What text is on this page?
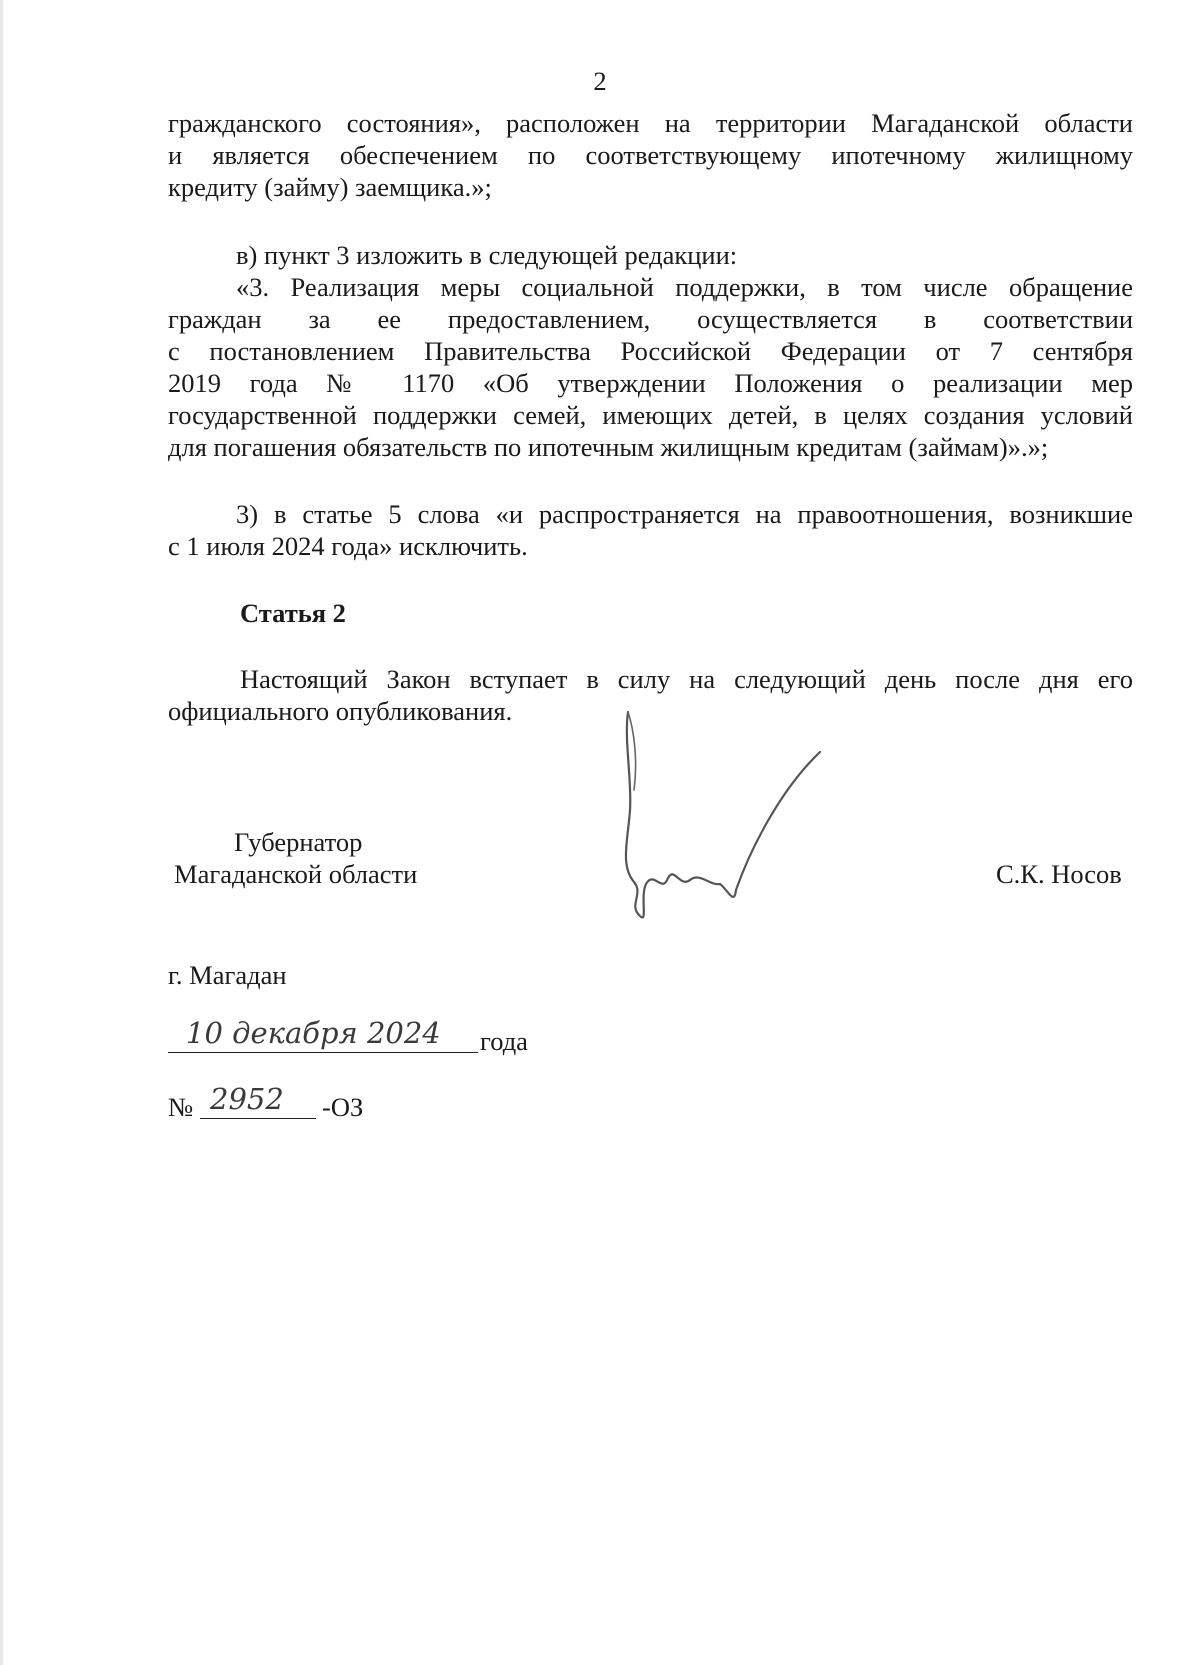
2
гражданского состояния», расположен на территории Магаданской области
и является обеспечением по соответствующему ипотечному жилищному
кредиту (займу) заемщика.»;
в) пункт 3 изложить в следующей редакции:
«3. Реализация меры социальной поддержки, в том числе обращение
граждан за ее предоставлением, осуществляется в соответствии
с постановлением Правительства Российской Федерации от 7 сентября
2019 года № 1170 «Об утверждении Положения о реализации мер
государственной поддержки семей, имеющих детей, в целях создания условий
для погашения обязательств по ипотечным жилищным кредитам (займам)».»;
3) в статье 5 слова «и распространяется на правоотношения, возникшие
с 1 июля 2024 года» исключить.
Статья 2
Настоящий Закон вступает в силу на следующий день после дня его
официального опубликования.
Губернатор
Магаданской области	С.К. Носов
г. Магадан
10 декабря 2024 года
№ 2952 -ОЗ
